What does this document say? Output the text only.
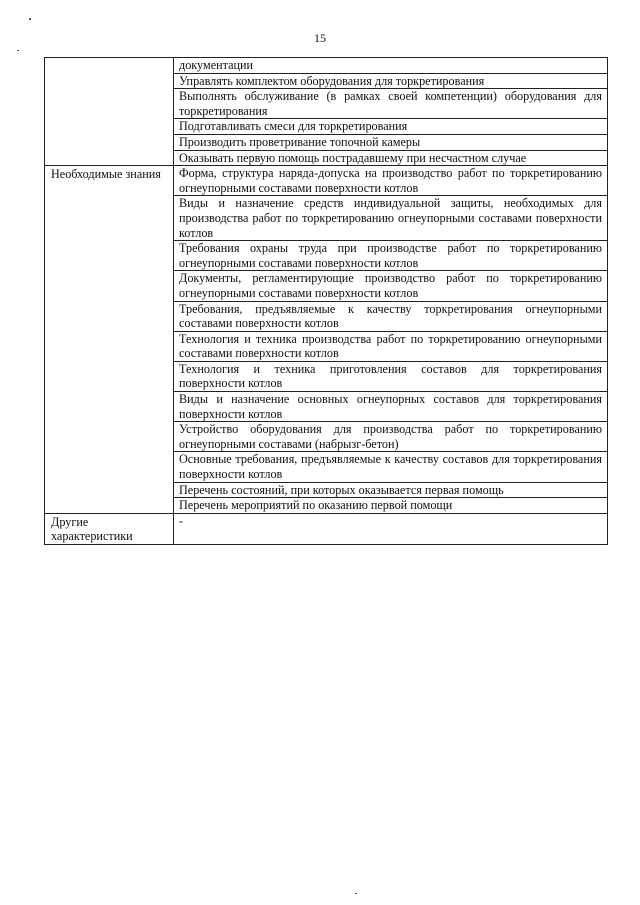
15
	документации
	Управлять комплектом оборудования для торкретирования
	Выполнять обслуживание (в рамках своей компетенции) оборудования для торкретирования
	Подготавливать смеси для торкретирования
	Производить проветривание топочной камеры
	Оказывать первую помощь пострадавшему при несчастном случае
Необходимые знания	Форма, структура наряда-допуска на производство работ по торкретированию огнеупорными составами поверхности котлов
	Виды и назначение средств индивидуальной защиты, необходимых для производства работ по торкретированию огнеупорными составами поверхности котлов
	Требования охраны труда при производстве работ по торкретированию огнеупорными составами поверхности котлов
	Документы, регламентирующие производство работ по торкретированию огнеупорными составами поверхности котлов
	Требования, предъявляемые к качеству торкретирования огнеупорными составами поверхности котлов
	Технология и техника производства работ по торкретированию огнеупорными составами поверхности котлов
	Технология и техника приготовления составов для торкретирования поверхности котлов
	Виды и назначение основных огнеупорных составов для торкретирования поверхности котлов
	Устройство оборудования для производства работ по торкретированию огнеупорными составами (набрызг-бетон)
	Основные требования, предъявляемые к качеству составов для торкретирования поверхности котлов
	Перечень состояний, при которых оказывается первая помощь
	Перечень мероприятий по оказанию первой помощи
Другие характеристики	-
